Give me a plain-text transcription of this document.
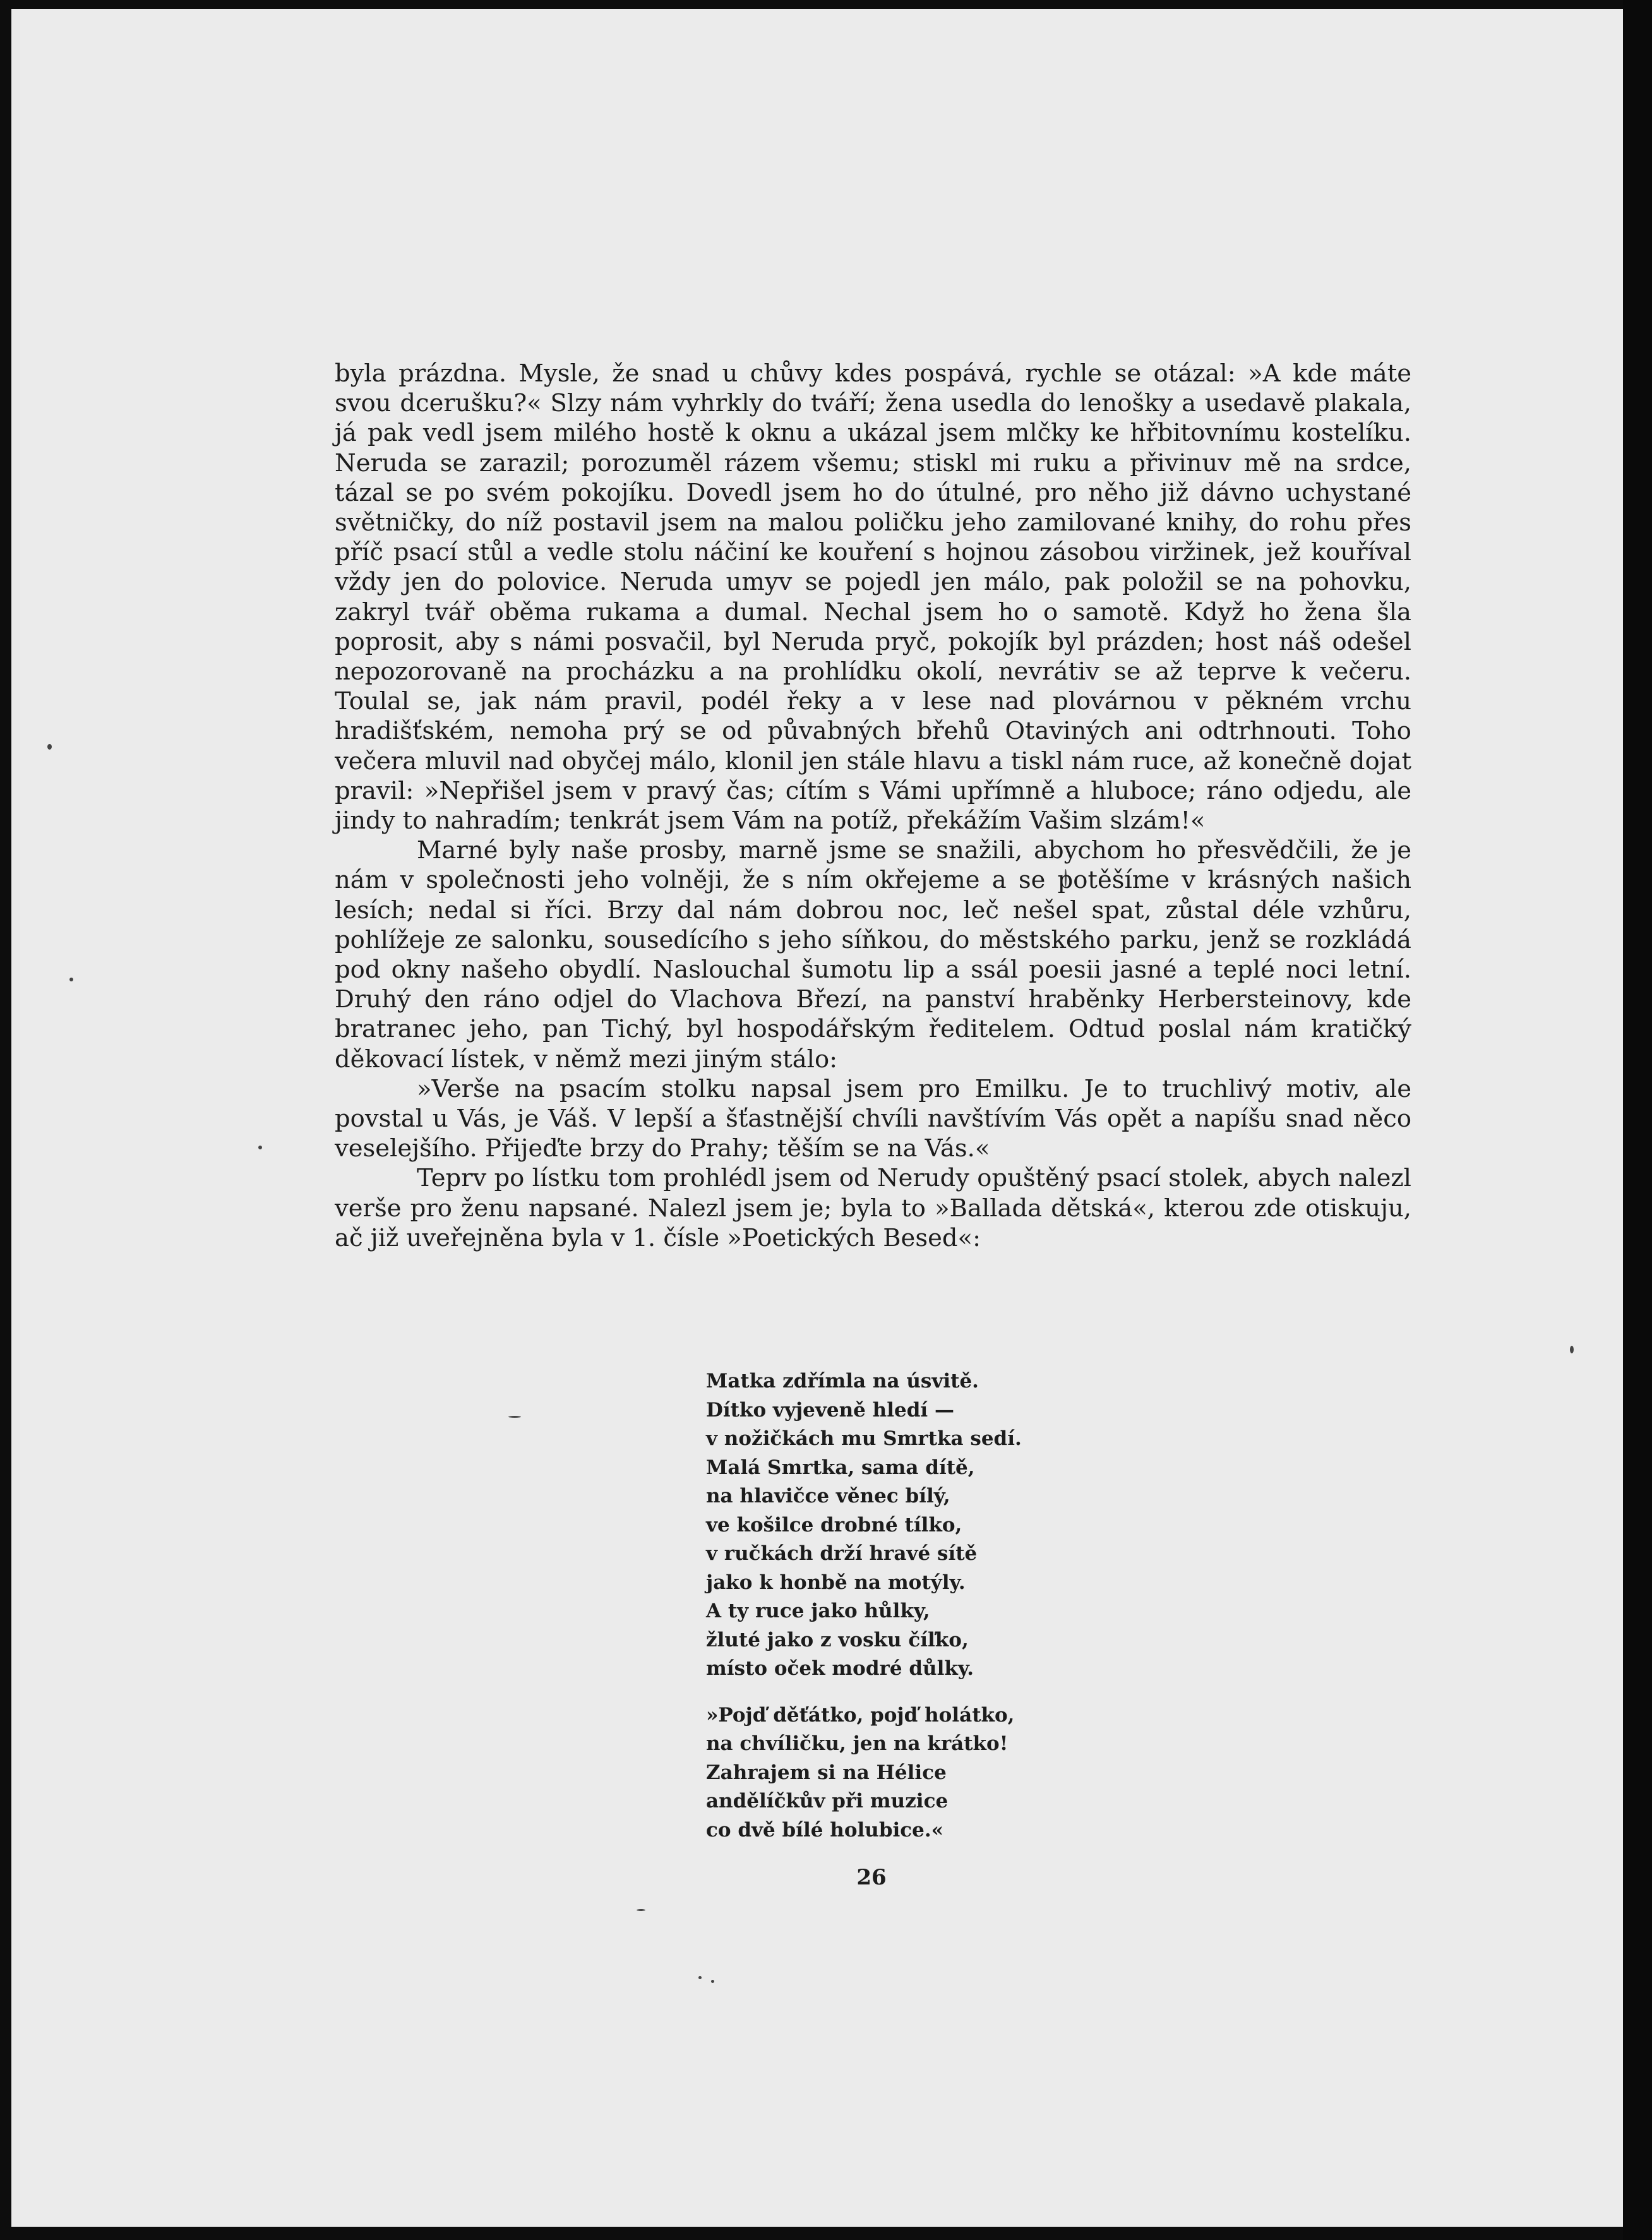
byla prázdna. Mysle, že snad u chůvy kdes pospává, rychle se otázal: »A kde máte svou dcerušku?« Slzy nám vyhrkly do tváří; žena usedla do lenošky a usedavě plakala, já pak vedl jsem milého hostě k oknu a ukázal jsem mlčky ke hřbitovnímu kostelíku. Neruda se zarazil; porozuměl rázem všemu; stiskl mi ruku a přivinuv mě na srdce, tázal se po svém pokojíku. Dovedl jsem ho do útulné, pro něho již dávno uchystané světničky, do níž postavil jsem na malou poličku jeho zamilované knihy, do rohu přes příč psací stůl a vedle stolu náčiní ke kouření s hojnou zásobou viržinek, jež kouříval vždy jen do polovice. Neruda umyv se pojedl jen málo, pak položil se na pohovku, zakryl tvář oběma rukama a dumal. Nechal jsem ho o samotě. Když ho žena šla poprosit, aby s námi posvačil, byl Neruda pryč, pokojík byl prázden; host náš odešel nepozorovaně na procházku a na prohlídku okolí, nevrátiv se až teprve k večeru. Toulal se, jak nám pravil, podél řeky a v lese nad plovárnou v pěkném vrchu hradišťském, nemoha prý se od půvabných břehů Otaviných ani odtrhnouti. Toho večera mluvil nad obyčej málo, klonil jen stále hlavu a tiskl nám ruce, až konečně dojat pravil: »Nepřišel jsem v pravý čas; cítím s Vámi upřímně a hluboce; ráno odjedu, ale jindy to nahradím; tenkrát jsem Vám na potíž, překážím Vašim slzám!«

Marné byly naše prosby, marně jsme se snažili, abychom ho přesvědčili, že je nám v společnosti jeho volněji, že s ním okřejeme a se potěšíme v krásných našich lesích; nedal si říci. Brzy dal nám dobrou noc, leč nešel spat, zůstal déle vzhůru, pohlížeje ze salonku, sousedícího s jeho síňkou, do městského parku, jenž se rozkládá pod okny našeho obydlí. Naslouchal šumotu lip a ssál poesii jasné a teplé noci letní. Druhý den ráno odjel do Vlachova Březí, na panství hraběnky Herbersteinovy, kde bratranec jeho, pan Tichý, byl hospodářským ředitelem. Odtud poslal nám kratičký děkovací lístek, v němž mezi jiným stálo:

»Verše na psacím stolku napsal jsem pro Emilku. Je to truchlivý motiv, ale povstal u Vás, je Váš. V lepší a šťastnější chvíli navštívím Vás opět a napíšu snad něco veselejšího. Přijeďte brzy do Prahy; těším se na Vás.«

Teprv po lístku tom prohlédl jsem od Nerudy opuštěný psací stolek, abych nalezl verše pro ženu napsané. Nalezl jsem je; byla to »Ballada dětská«, kterou zde otiskuju, ač již uveřejněna byla v 1. čísle »Poetických Besed«:

Matka zdřímla na úsvitě.
Dítko vyjeveně hledí —
v nožičkách mu Smrtka sedí.
Malá Smrtka, sama dítě,
na hlavičce věnec bílý,
ve košilce drobné tílko,
v ručkách drží hravé sítě
jako k honbě na motýly.
A ty ruce jako hůlky,
žluté jako z vosku číľko,
místo oček modré důlky.
»Pojď děťátko, pojď holátko,
na chvíličku, jen na krátko!
Zahrajem si na Hélice
andělíčkův při muzice
co dvě bílé holubice.«
26
